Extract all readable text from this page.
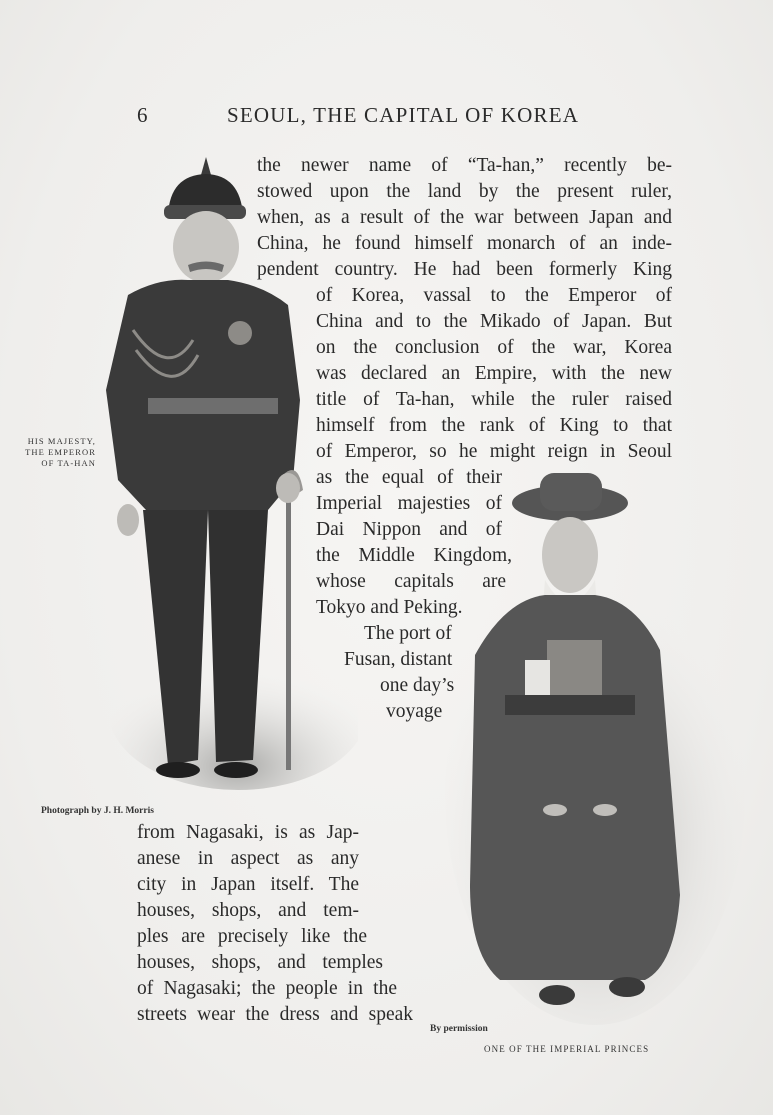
6	SEOUL, THE CAPITAL OF KOREA
HIS MAJESTY,
THE EMPEROR
OF TA-HAN
Photograph by J. H. Morris
By permission
ONE OF THE IMPERIAL PRINCES
the newer name of “Ta-han,” recently be-
stowed upon the land by the present ruler,
when, as a result of the war between Japan and
China, he found himself monarch of an inde-
pendent country. He had been formerly King
of Korea, vassal to the Emperor of
China and to the Mikado of Japan. But
on the conclusion of the war, Korea
was declared an Empire, with the new
title of Ta-han, while the ruler raised
himself from the rank of King to that
of Emperor, so he might reign in Seoul
as the equal of their
Imperial majesties of
Dai Nippon and of
the Middle Kingdom,
whose capitals are
Tokyo and Peking.
The port of
Fusan, distant
one day’s
voyage
from Nagasaki, is as Jap-
anese in aspect as any
city in Japan itself. The
houses, shops, and tem-
ples are precisely like the
houses, shops, and temples
of Nagasaki; the people in the
streets wear the dress and speak
